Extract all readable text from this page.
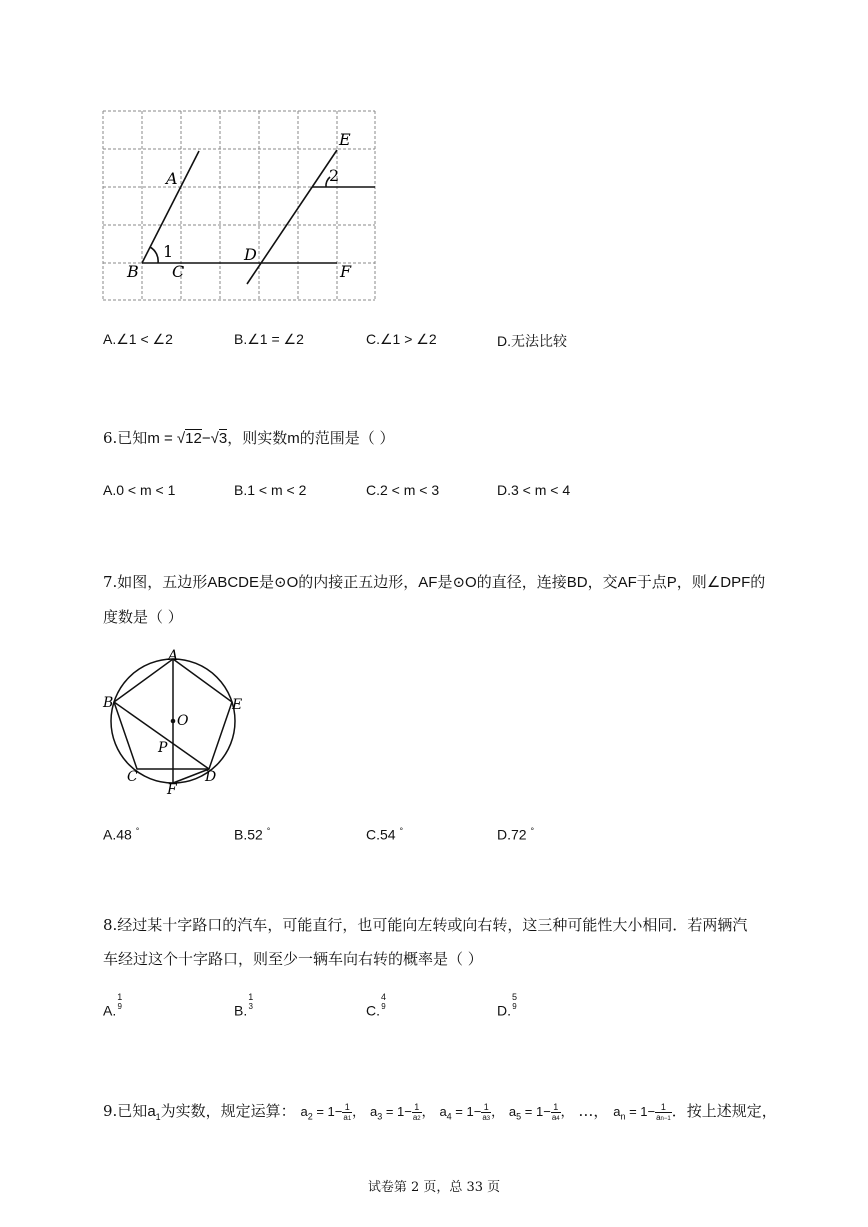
A
B C
D
E
F
1
2
A.∠1 < ∠2	B.∠1 = ∠2	C.∠1 > ∠2	D.无法比较
6.已知m = √12−√3，则实数m的范围是（ ）
A.0 < m < 1	B.1 < m < 2	C.2 < m < 3	D.3 < m < 4
7.如图，五边形ABCDE是⊙O的内接正五边形，AF是⊙O的直径，连接BD，交AF于点P，则∠DPF的
度数是（ ）
A
B
C	D
E
F
O
P
A.48 °	B.52 °	C.54 °	D.72 °
8.经过某十字路口的汽车，可能直行，也可能向左转或向右转，这三种可能性大小相同．若两辆汽
车经过这个十字路口，则至少一辆车向右转的概率是（ ）
A.
1
9	B.
1
3	C.
4
9	D.
5
9
9.已知$a_1$为实数，规定运算： $a_2 = 1- \frac{1}{a1}$ ， $a_3 = 1- \frac{1}{a2}$ ， $a_4 = 1- \frac{1}{a3}$ ， $a_5 = 1- \frac{1}{a4}$ ， …， $a_n = 1- \frac{1}{an-1}$ ．按上述规定，
试卷第 2 页，总 33 页
